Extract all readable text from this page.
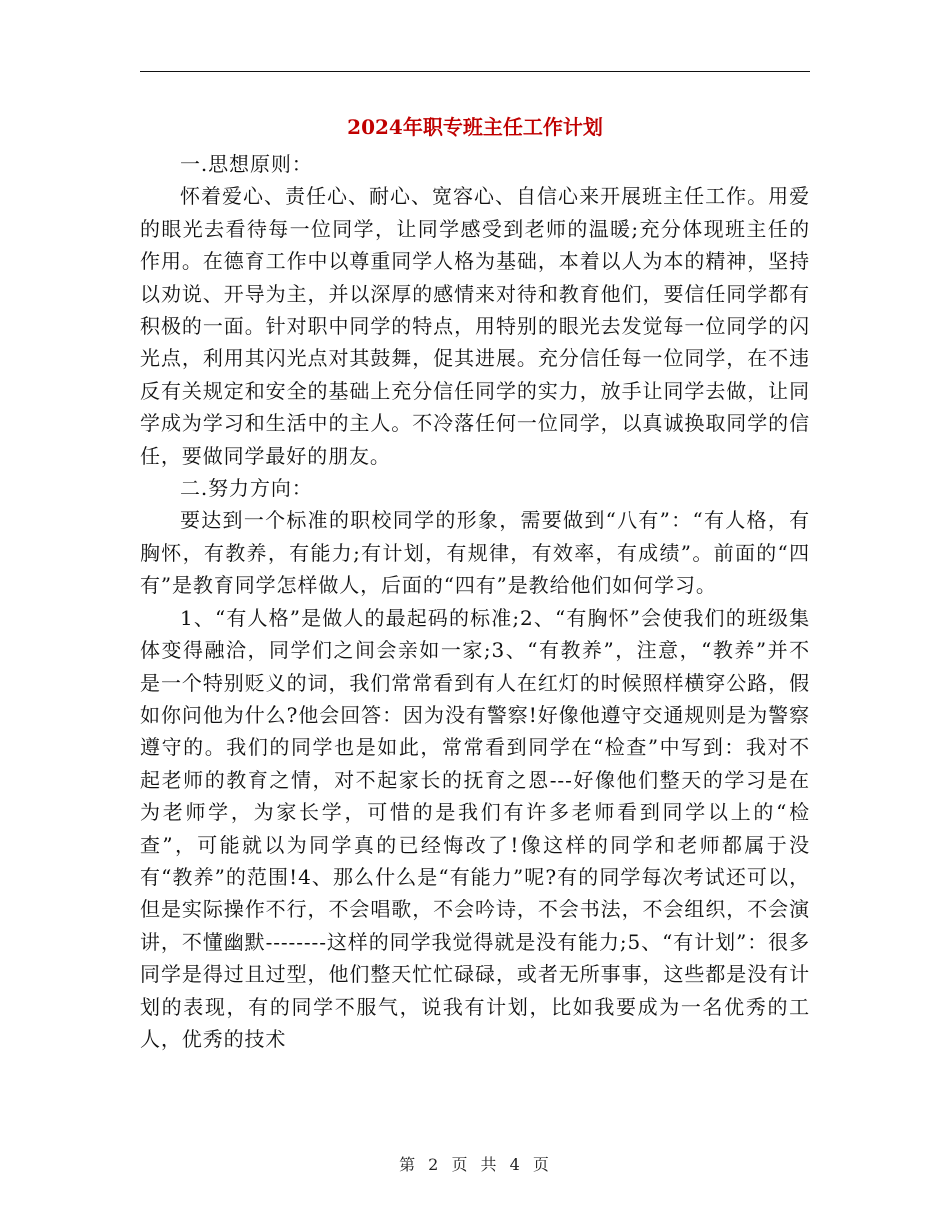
2024年职专班主任工作计划

一.思想原则：

怀着爱心、责任心、耐心、宽容心、自信心来开展班主任工作。用爱的眼光去看待每一位同学，让同学感受到老师的温暖;充分体现班主任的作用。在德育工作中以尊重同学人格为基础，本着以人为本的精神，坚持以劝说、开导为主，并以深厚的感情来对待和教育他们，要信任同学都有积极的一面。针对职中同学的特点，用特别的眼光去发觉每一位同学的闪光点，利用其闪光点对其鼓舞，促其进展。充分信任每一位同学，在不违反有关规定和安全的基础上充分信任同学的实力，放手让同学去做，让同学成为学习和生活中的主人。不冷落任何一位同学，以真诚换取同学的信任，要做同学最好的朋友。

二.努力方向：

要达到一个标准的职校同学的形象，需要做到“八有”：“有人格，有胸怀，有教养，有能力;有计划，有规律，有效率，有成绩”。前面的“四有”是教育同学怎样做人，后面的“四有”是教给他们如何学习。

1、“有人格”是做人的最起码的标准;2、“有胸怀”会使我们的班级集体变得融洽，同学们之间会亲如一家;3、“有教养”，注意，“教养”并不是一个特别贬义的词，我们常常看到有人在红灯的时候照样横穿公路，假如你问他为什么?他会回答：因为没有警察!好像他遵守交通规则是为警察遵守的。我们的同学也是如此，常常看到同学在“检查”中写到：我对不起老师的教育之情，对不起家长的抚育之恩---好像他们整天的学习是在为老师学，为家长学，可惜的是我们有许多老师看到同学以上的“检查”，可能就以为同学真的已经悔改了!像这样的同学和老师都属于没有“教养”的范围!4、那么什么是“有能力”呢?有的同学每次考试还可以，但是实际操作不行，不会唱歌，不会吟诗，不会书法，不会组织，不会演讲，不懂幽默--------这样的同学我觉得就是没有能力;5、“有计划”：很多同学是得过且过型，他们整天忙忙碌碌，或者无所事事，这些都是没有计划的表现，有的同学不服气，说我有计划，比如我要成为一名优秀的工人，优秀的技术

第 2 页 共 4 页
